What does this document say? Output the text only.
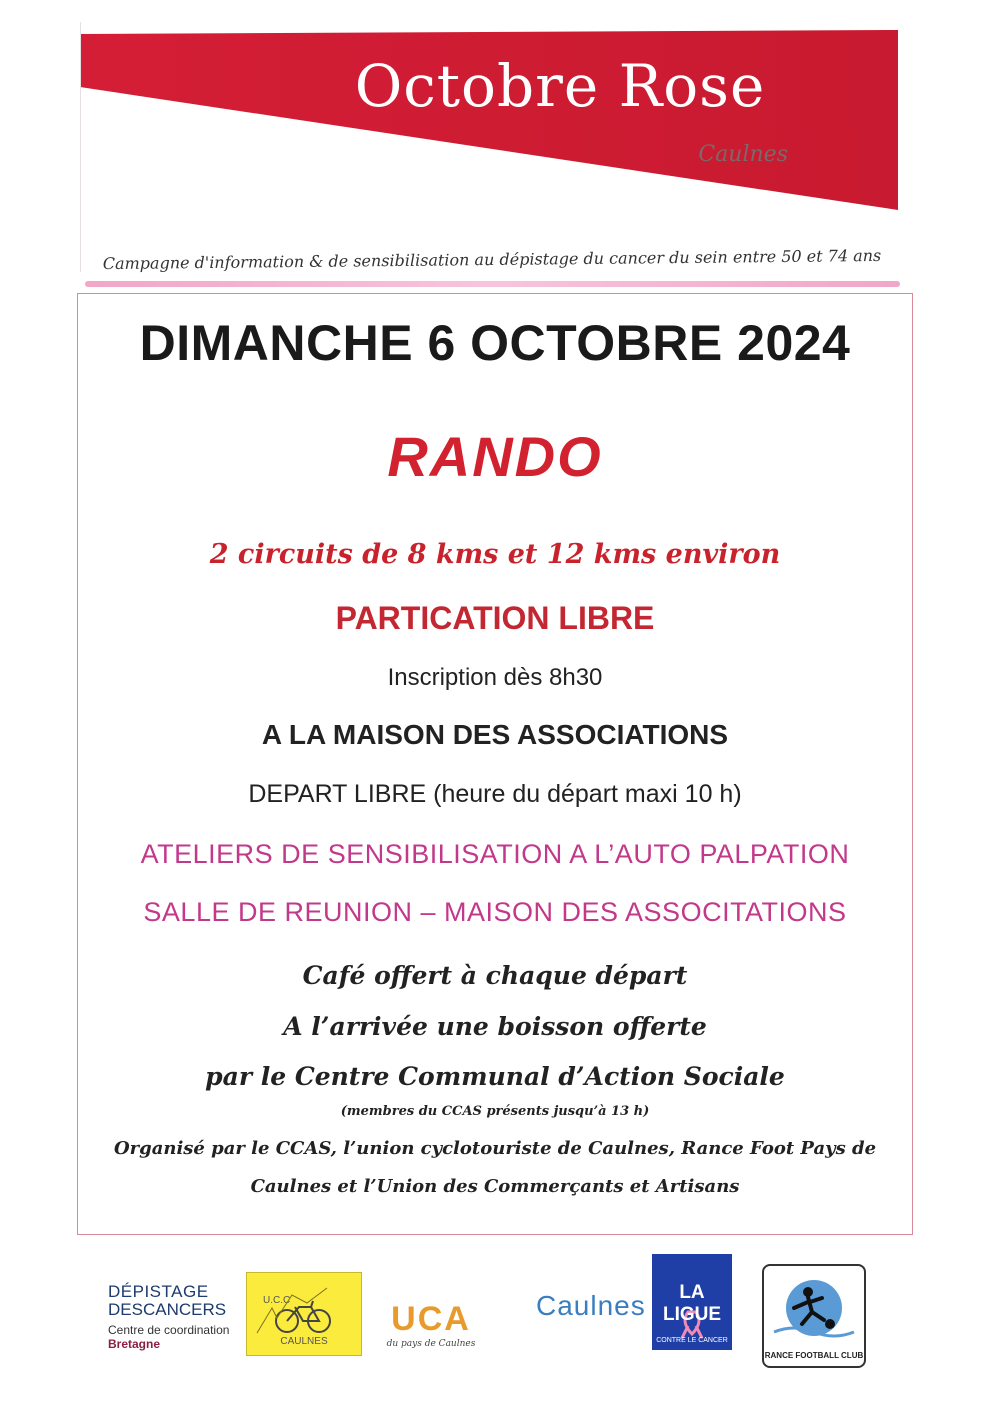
Octobre Rose
Caulnes
Campagne d'information & de sensibilisation au dépistage du cancer du sein entre 50 et 74 ans
DIMANCHE 6 OCTOBRE 2024
RANDO
2 circuits de 8 kms et 12 kms environ
PARTICATION LIBRE
Inscription dès 8h30
A LA MAISON DES ASSOCIATIONS
DEPART LIBRE (heure du départ maxi 10 h)
ATELIERS DE SENSIBILISATION A L’AUTO PALPATION
SALLE DE REUNION – MAISON DES ASSOCITATIONS
Café offert à chaque départ
A l’arrivée une boisson offerte
par le Centre Communal d’Action Sociale
(membres du CCAS présents jusqu’à 13 h)
Organisé par le CCAS, l’union cyclotouriste de Caulnes, Rance Foot Pays de Caulnes et l’Union des Commerçants et Artisans
DÉPISTAGE
DESCANCERS
Centre de coordination
Bretagne
U.C.C
CAULNES
UCA
du pays de Caulnes
Caulnes	LA LIGUE
CONTRE LE CANCER
RANCE FOOTBALL CLUB
